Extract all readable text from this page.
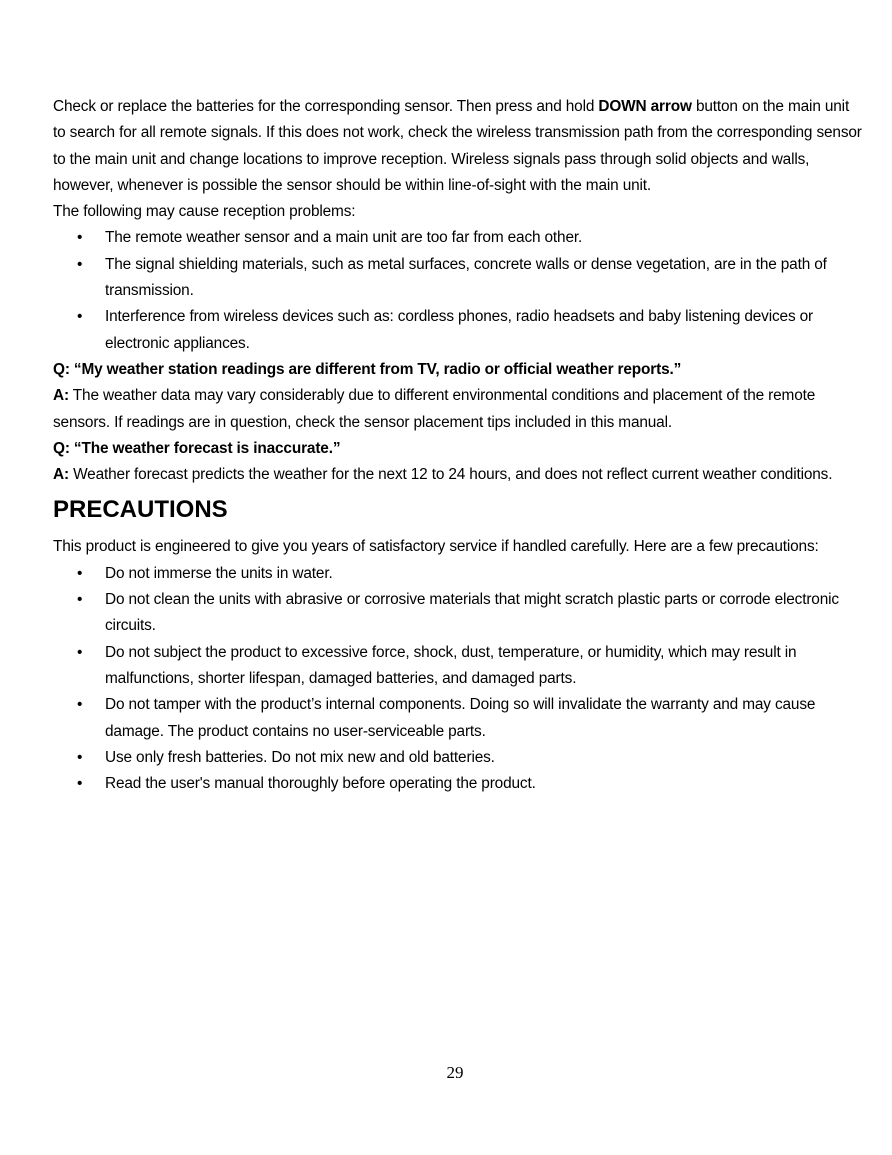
Check or replace the batteries for the corresponding sensor. Then press and hold DOWN arrow button on the main unit to search for all remote signals. If this does not work, check the wireless transmission path from the corresponding sensor to the main unit and change locations to improve reception. Wireless signals pass through solid objects and walls, however, whenever is possible the sensor should be within line-of-sight with the main unit.

The following may cause reception problems:

• The remote weather sensor and a main unit are too far from each other.
• The signal shielding materials, such as metal surfaces, concrete walls or dense vegetation, are in the path of transmission.
• Interference from wireless devices such as: cordless phones, radio headsets and baby listening devices or electronic appliances.

Q: “My weather station readings are different from TV, radio or official weather reports.”

A: The weather data may vary considerably due to different environmental conditions and placement of the remote sensors. If readings are in question, check the sensor placement tips included in this manual.

Q: “The weather forecast is inaccurate.”

A: Weather forecast predicts the weather for the next 12 to 24 hours, and does not reflect current weather conditions.

PRECAUTIONS

This product is engineered to give you years of satisfactory service if handled carefully. Here are a few precautions:

• Do not immerse the units in water.
• Do not clean the units with abrasive or corrosive materials that might scratch plastic parts or corrode electronic circuits.
• Do not subject the product to excessive force, shock, dust, temperature, or humidity, which may result in malfunctions, shorter lifespan, damaged batteries, and damaged parts.
• Do not tamper with the product’s internal components. Doing so will invalidate the warranty and may cause damage. The product contains no user-serviceable parts.
• Use only fresh batteries. Do not mix new and old batteries.
• Read the user's manual thoroughly before operating the product.
29
